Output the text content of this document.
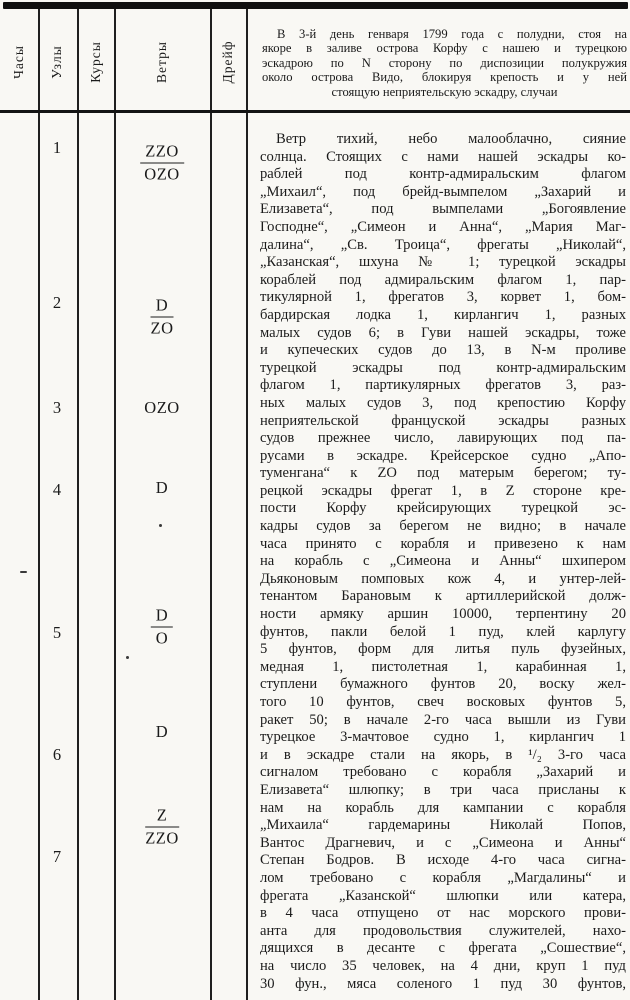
Часы Узлы Курсы	Ветры	Дрейф
В 3-й день генваря 1799 года с полудни, стоя на
якоре в заливе острова Корфу с нашею и турецкою
эскадрою по N сторону по диспозиции полукружия
около острова Видо, блокируя крепость и у ней
стоящую неприятельскую эскадру, случаи
1
2
3
4
5
6
7
ZZO
OZO
$\frac{D}{ZO}$
OZO
D
$\frac{D}{O}$
D
Z
ZZO
Ветр тихий, небо малооблачно, сияние
солнца. Стоящих с нами нашей эскадры ко-
раблей под контр-адмиральским флагом
„Михаил“, под брейд-вымпелом „Захарий и
Елизавета“, под вымпелами „Богоявление
Господне“, „Симеон и Анна“, „Мария Маг-
далина“, „Св. Троица“, фрегаты „Николай“,
„Казанская“, шхуна № 1; турецкой эскадры
кораблей под адмиральским флагом 1, пар-
тикулярной 1, фрегатов 3, корвет 1, бом-
бардирская лодка 1, кирлангич 1, разных
малых судов 6; в Гуви нашей эскадры, тоже
и купеческих судов до 13, в N-м проливе
турецкой эскадры под контр-адмиральским
флагом 1, партикулярных фрегатов 3, раз-
ных малых судов 3, под крепостию Корфу
неприятельской француской эскадры разных
судов прежнее число, лавирующих под па-
русами в эскадре. Крейсерское судно „Апо-
туменгана“ к ZO под матерым берегом; ту-
рецкой эскадры фрегат 1, в Z стороне кре-
пости Корфу крейсирующих турецкой эс-
кадры судов за берегом не видно; в начале
часа принято с корабля и привезено к нам
на корабль с „Симеона и Анны“ шхипером
Дьяконовым помповых кож 4, и унтер-лей-
тенантом Барановым к артиллерийской долж-
ности армяку аршин 10000, терпентину 20
фунтов, пакли белой 1 пуд, клей карлугу
5 фунтов, форм для литья пуль фузейных,
медная 1, пистолетная 1, карабинная 1,
ступлени бумажного фунтов 20, воску жел-
того 10 фунтов, свеч восковых фунтов 5,
ракет 50; в начале 2-го часа вышли из Гуви
турецкое 3-мачтовое судно 1, кирлангич 1
и в эскадре стали на якорь, в ¹/₂ 3-го часа
сигналом требовано с корабля „Захарий и
Елизавета“ шлюпку; в три часа присланы к
нам на корабль для кампании с корабля
„Михаила“ гардемарины Николай Попов,
Вантос Драгневич, и с „Симеона и Анны“
Степан Бодров. В исходе 4-го часа сигна-
лом требовано с корабля „Магдалины“ и
фрегата „Казанской“ шлюпки или катера,
в 4 часа отпущено от нас морского прови-
анта для продовольствия служителей, нахо-
дящихся в десанте с фрегата „Сошествие“,
на число 35 человек, на 4 дни, круп 1 пуд
30 фун., мяса соленого 1 пуд 30 фунтов,
